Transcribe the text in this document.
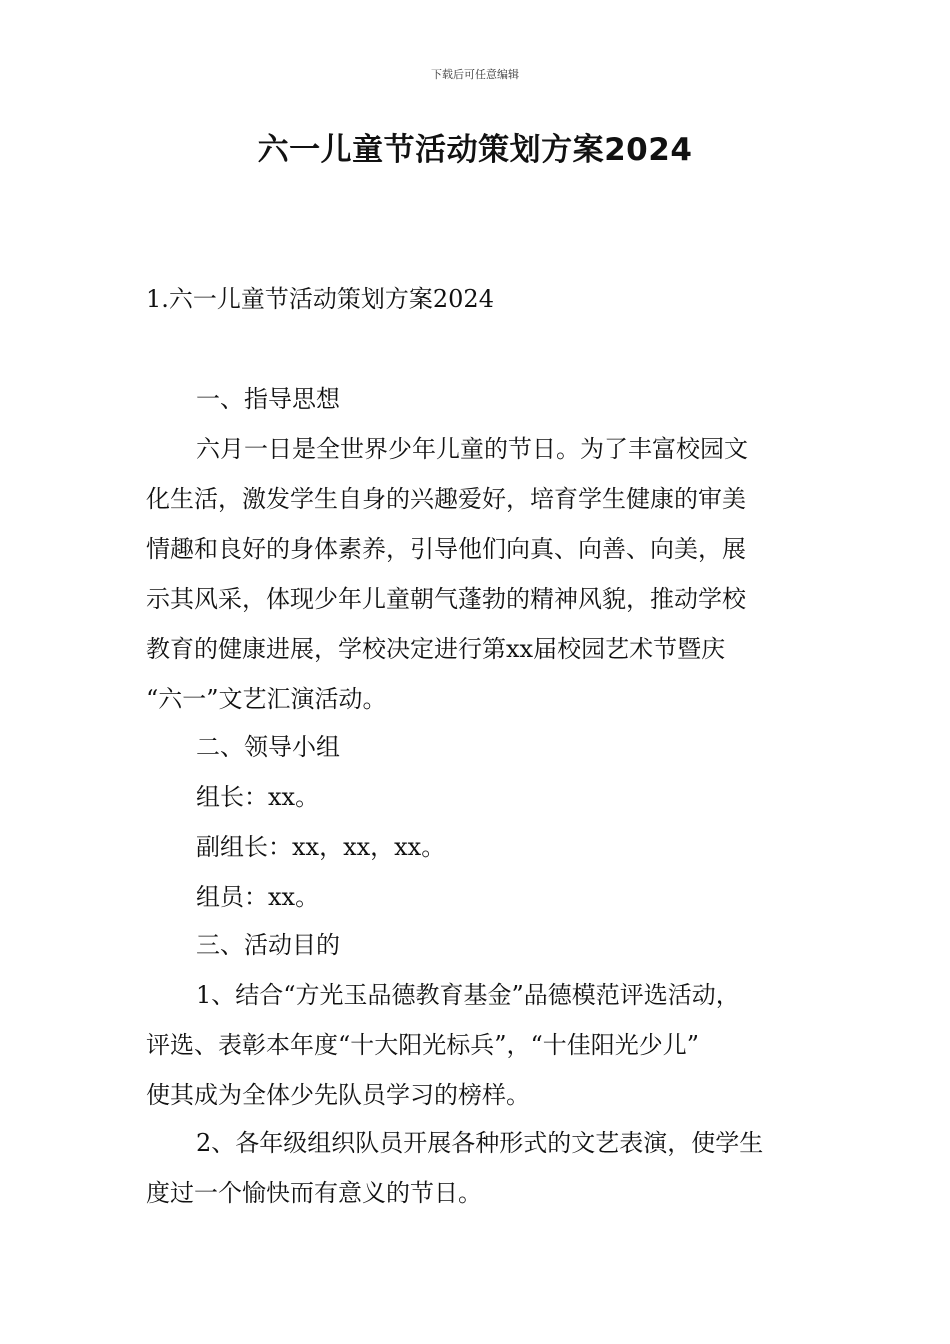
下载后可任意编辑
六一儿童节活动策划方案2024

1.六一儿童节活动策划方案2024

一、指导思想

六月一日是全世界少年儿童的节日。为了丰富校园文
化生活，激发学生自身的兴趣爱好，培育学生健康的审美
情趣和良好的身体素养，引导他们向真、向善、向美，展
示其风采，体现少年儿童朝气蓬勃的精神风貌，推动学校
教育的健康进展，学校决定进行第xx届校园艺术节暨庆
“六一”文艺汇演活动。

二、领导小组

组长：xx。

副组长：xx，xx，xx。

组员：xx。

三、活动目的

1、结合“方光玉品德教育基金”品德模范评选活动，
评选、表彰本年度“十大阳光标兵”，“十佳阳光少儿”
使其成为全体少先队员学习的榜样。

2、各年级组织队员开展各种形式的文艺表演，使学生
度过一个愉快而有意义的节日。
